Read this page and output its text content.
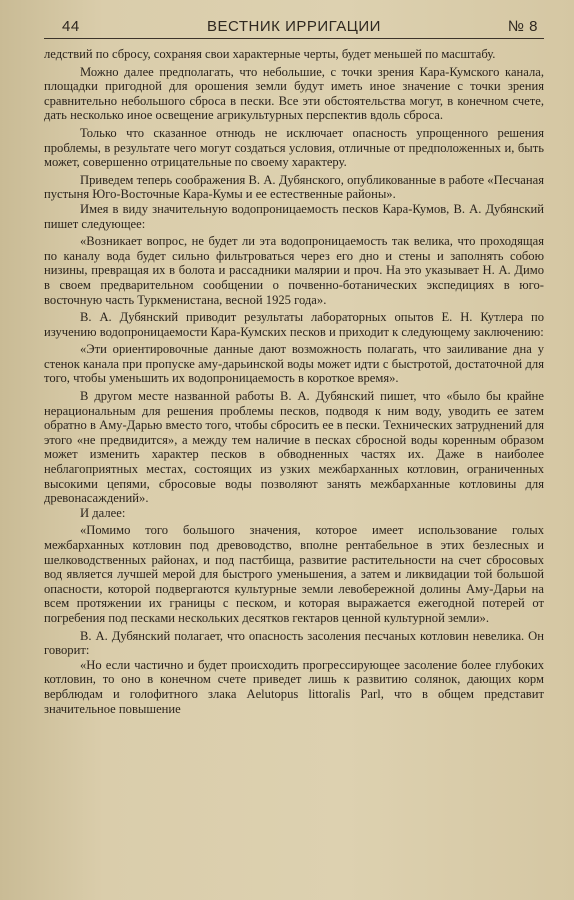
44	ВЕСТНИК ИРРИГАЦИИ	№ 8

ледствий по сбросу, сохраняя свои характерные черты, будет меньшей по масштабу.

Можно далее предполагать, что небольшие, с точки зрения Кара-Кумского канала, площадки пригодной для орошения земли будут иметь иное значение с точки зрения сравнительно небольшого сброса в пески. Все эти обстоятельства могут, в конечном счете, дать несколько иное освещение агрикультурных перспектив вдоль сброса.

Только что сказанное отнюдь не исключает опасность упрощенного решения проблемы, в результате чего могут создаться условия, отличные от предположенных и, быть может, совершенно отрицательные по своему характеру.

Приведем теперь соображения В. А. Дубянского, опубликованные в работе «Песчаная пустыня Юго-Восточные Кара-Кумы и ее естественные районы».

Имея в виду значительную водопроницаемость песков Кара-Кумов, В. А. Дубянский пишет следующее:

«Возникает вопрос, не будет ли эта водопроницаемость так велика, что проходящая по каналу вода будет сильно фильтроваться через его дно и стены и заполнять собою низины, превращая их в болота и рассадники малярии и проч. На это указывает Н. А. Димо в своем предварительном сообщении о почвенно-ботанических экспедициях в юго-восточную часть Туркменистана, весной 1925 года».

В. А. Дубянский приводит результаты лабораторных опытов Е. Н. Кутлера по изучению водопроницаемости Кара-Кумских песков и приходит к следующему заключению:

«Эти ориентировочные данные дают возможность полагать, что заиливание дна у стенок канала при пропуске аму-дарьинской воды может идти с быстротой, достаточной для того, чтобы уменьшить их водопроницаемость в короткое время».

В другом месте названной работы В. А. Дубянский пишет, что «было бы крайне нерациональным для решения проблемы песков, подводя к ним воду, уводить ее затем обратно в Аму-Дарью вместо того, чтобы сбросить ее в пески. Технических затруднений для этого «не предвидится», а между тем наличие в песках сбросной воды коренным образом может изменить характер песков в обводненных частях их. Даже в наиболее неблагоприятных местах, состоящих из узких межбарханных котловин, ограниченных высокими цепями, сбросовые воды позволяют занять межбарханные котловины для древонасаждений».

И далее:

«Помимо того большого значения, которое имеет использование голых межбарханных котловин под древоводство, вполне рентабельное в этих безлесных и шелководственных районах, и под пастбища, развитие растительности на счет сбросовых вод является лучшей мерой для быстрого уменьшения, а затем и ликвидации той большой опасности, которой подвергаются культурные земли левобережной долины Аму-Дарьи на всем протяжении их границы с песком, и которая выражается ежегодной потерей от погребения под песками нескольких десятков гектаров ценной культурной земли».

В. А. Дубянский полагает, что опасность засоления песчаных котловин невелика. Он говорит:

«Но если частично и будет происходить прогрессирующее засоление более глубоких котловин, то оно в конечном счете приведет лишь к развитию солянок, дающих корм верблюдам и голофитного злака Aelutopus littoralis Parl, что в общем представит значительное повышение
